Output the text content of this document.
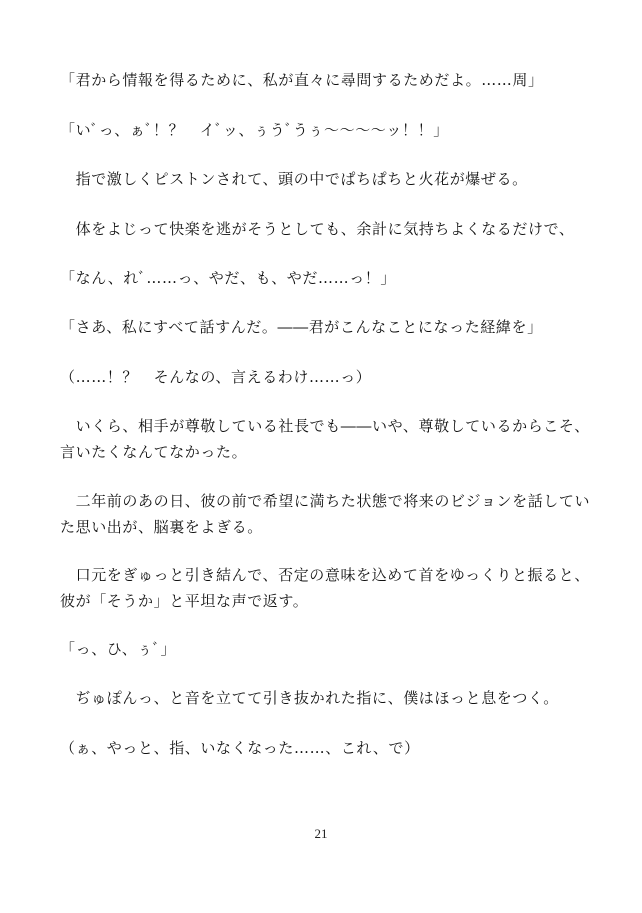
「君から情報を得るために、私が直々に尋問するためだよ。……周」

「いﾞっ、ぁﾞ！？　イﾞッ、ぅうﾞうぅ〜〜〜〜ッ！！」

　指で激しくピストンされて、頭の中でぱちぱちと火花が爆ぜる。

　体をよじって快楽を逃がそうとしても、余計に気持ちよくなるだけで、

「なん、れﾞ……っ、やだ、も、やだ……っ！」

「さあ、私にすべて話すんだ。――君がこんなことになった経緯を」

（……！？　そんなの、言えるわけ……っ）

　いくら、相手が尊敬している社長でも――いや、尊敬しているからこそ、
言いたくなんてなかった。

　二年前のあの日、彼の前で希望に満ちた状態で将来のビジョンを話してい
た思い出が、脳裏をよぎる。

　口元をぎゅっと引き結んで、否定の意味を込めて首をゆっくりと振ると、
彼が「そうか」と平坦な声で返す。

「っ、ひ、ぅﾞ」

　ぢゅぽんっ、と音を立てて引き抜かれた指に、僕はほっと息をつく。

（ぁ、やっと、指、いなくなった……、これ、で）

21
